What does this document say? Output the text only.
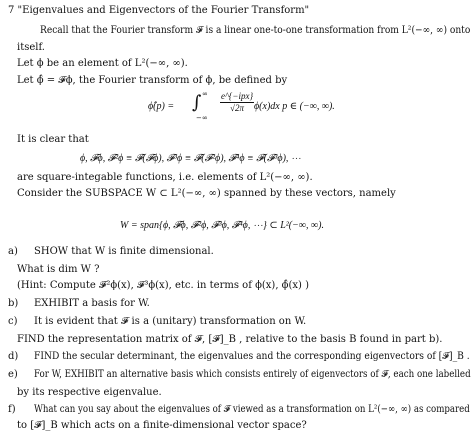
7 "Eigenvalues and Eigenvectors of the Fourier Transform"
Recall that the Fourier transform 𝓕 is a linear one-to-one transformation from L²(−∞, ∞) onto
itself.
Let ϕ be an element of L²(−∞, ∞).
Let ϕ̂ = 𝓕ϕ, the Fourier transform of ϕ, be defined by
ϕ̂(p) = ∫ ∞
−∞
e^{−ipx}
√2π	ϕ(x)dx p ∈ (−∞, ∞).
It is clear that
ϕ, 𝓕ϕ, 𝓕²ϕ ≡ 𝓕(𝓕ϕ), 𝓕³ϕ ≡ 𝓕(𝓕²ϕ), 𝓕⁴ϕ ≡ 𝓕(𝓕³ϕ), ⋯
are square-integable functions, i.e. elements of L²(−∞, ∞).
Consider the SUBSPACE W ⊂ L²(−∞, ∞) spanned by these vectors, namely
W = span{ϕ, 𝓕ϕ, 𝓕²ϕ, 𝓕³ϕ, 𝓕⁴ϕ, ⋯} ⊂ L²(−∞, ∞).
a) SHOW that W is finite dimensional.
What is dim W ?
(Hint: Compute 𝓕²ϕ(x), 𝓕³ϕ(x), etc. in terms of ϕ(x), ϕ̂(x) )
b) EXHIBIT a basis for W.
c) It is evident that 𝓕 is a (unitary) transformation on W.
FIND the representation matrix of 𝓕, [𝓕]_B , relative to the basis B found in part b).
d) FIND the secular determinant, the eigenvalues and the corresponding eigenvectors of [𝓕]_B .
e) For W, EXHIBIT an alternative basis which consists entirely of eigenvectors of 𝓕, each one labelled
by its respective eigenvalue.
f) What can you say about the eigenvalues of 𝓕 viewed as a transformation on L²(−∞, ∞) as compared
to [𝓕]_B which acts on a finite-dimensional vector space?
